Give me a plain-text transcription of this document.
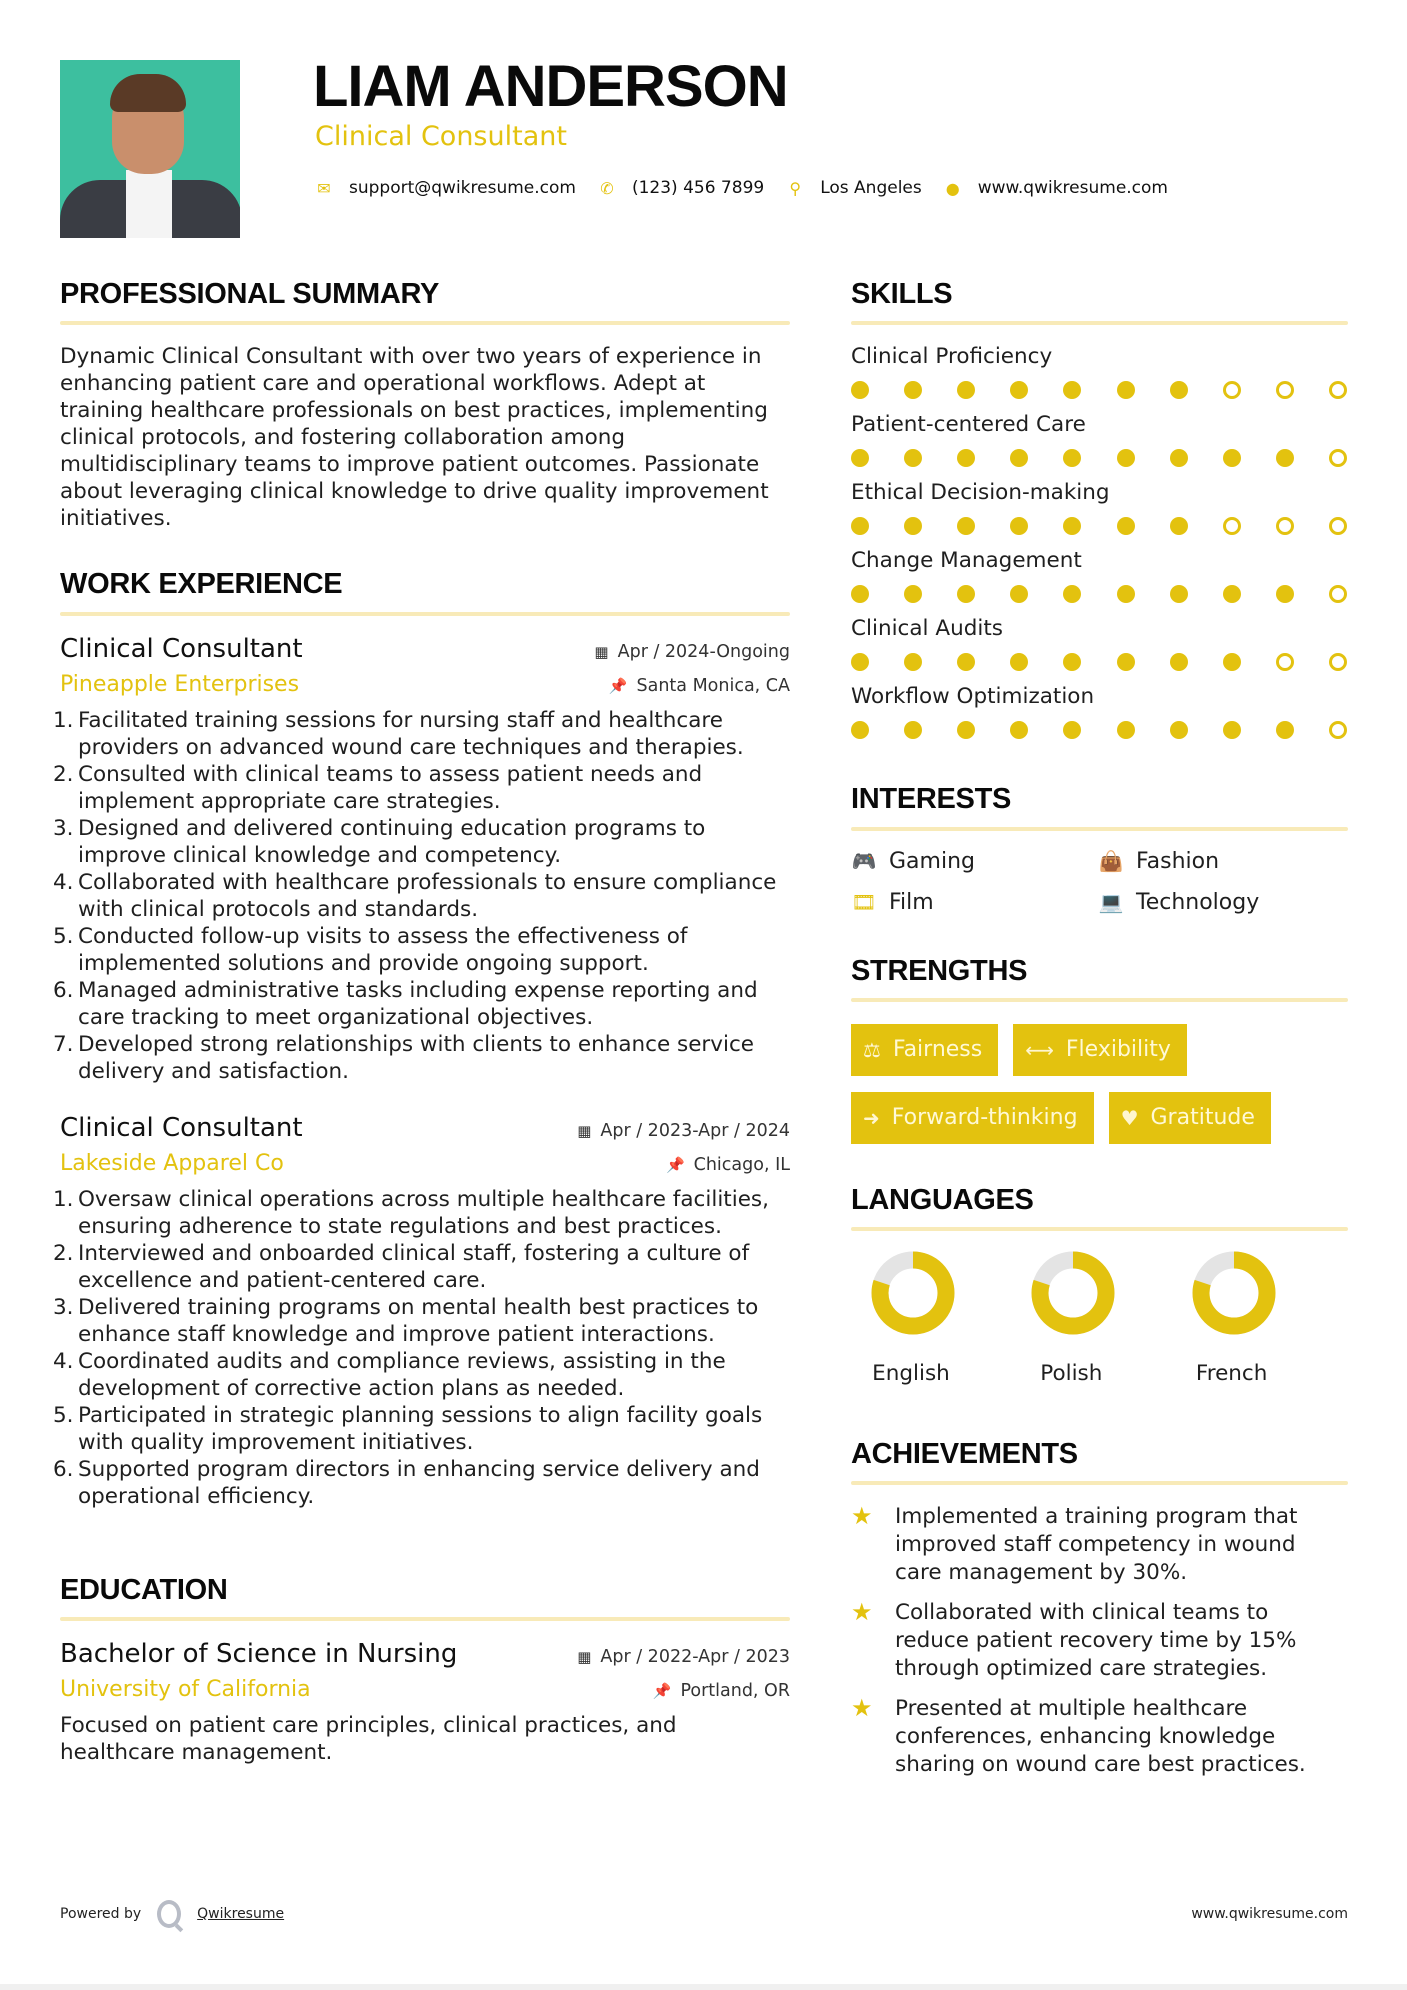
LIAM ANDERSON
Clinical Consultant
✉ support@qwikresume.com ✆ (123) 456 7899 ⚲ Los Angeles ● www.qwikresume.com
PROFESSIONAL SUMMARY

Dynamic Clinical Consultant with over two years of experience in enhancing patient care and operational workflows. Adept at training healthcare professionals on best practices, implementing clinical protocols, and fostering collaboration among multidisciplinary teams to improve patient outcomes. Passionate about leveraging clinical knowledge to drive quality improvement initiatives.

WORK EXPERIENCE
Clinical Consultant	▦ Apr / 2024-Ongoing
Pineapple Enterprises	📌 Santa Monica, CA
1. Facilitated training sessions for nursing staff and healthcare providers on advanced wound care techniques and therapies.
2. Consulted with clinical teams to assess patient needs and implement appropriate care strategies.
3. Designed and delivered continuing education programs to improve clinical knowledge and competency.
4. Collaborated with healthcare professionals to ensure compliance with clinical protocols and standards.
5. Conducted follow-up visits to assess the effectiveness of implemented solutions and provide ongoing support.
6. Managed administrative tasks including expense reporting and care tracking to meet organizational objectives.
7. Developed strong relationships with clients to enhance service delivery and satisfaction.
Clinical Consultant	▦ Apr / 2023-Apr / 2024
Lakeside Apparel Co	📌 Chicago, IL
1. Oversaw clinical operations across multiple healthcare facilities, ensuring adherence to state regulations and best practices.
2. Interviewed and onboarded clinical staff, fostering a culture of excellence and patient-centered care.
3. Delivered training programs on mental health best practices to enhance staff knowledge and improve patient interactions.
4. Coordinated audits and compliance reviews, assisting in the development of corrective action plans as needed.
5. Participated in strategic planning sessions to align facility goals with quality improvement initiatives.
6. Supported program directors in enhancing service delivery and operational efficiency.
EDUCATION
Bachelor of Science in Nursing	▦ Apr / 2022-Apr / 2023
University of California	📌 Portland, OR

Focused on patient care principles, clinical practices, and healthcare management.

SKILLS
Clinical Proficiency
Patient-centered Care
Ethical Decision-making
Change Management
Clinical Audits
Workflow Optimization
INTERESTS
🎮 Gaming	👜 Fashion
🎞 Film	💻 Technology
STRENGTHS
⚖ Fairness ⟷ Flexibility
➜ Forward-thinking ♥ Gratitude
LANGUAGES
English	Polish	French
ACHIEVEMENTS
★	Implemented a training program that improved staff competency in wound care management by 30%.
★	Collaborated with clinical teams to reduce patient recovery time by 15% through optimized care strategies.
★	Presented at multiple healthcare conferences, enhancing knowledge sharing on wound care best practices.
Powered by	Qwikresume	www.qwikresume.com
